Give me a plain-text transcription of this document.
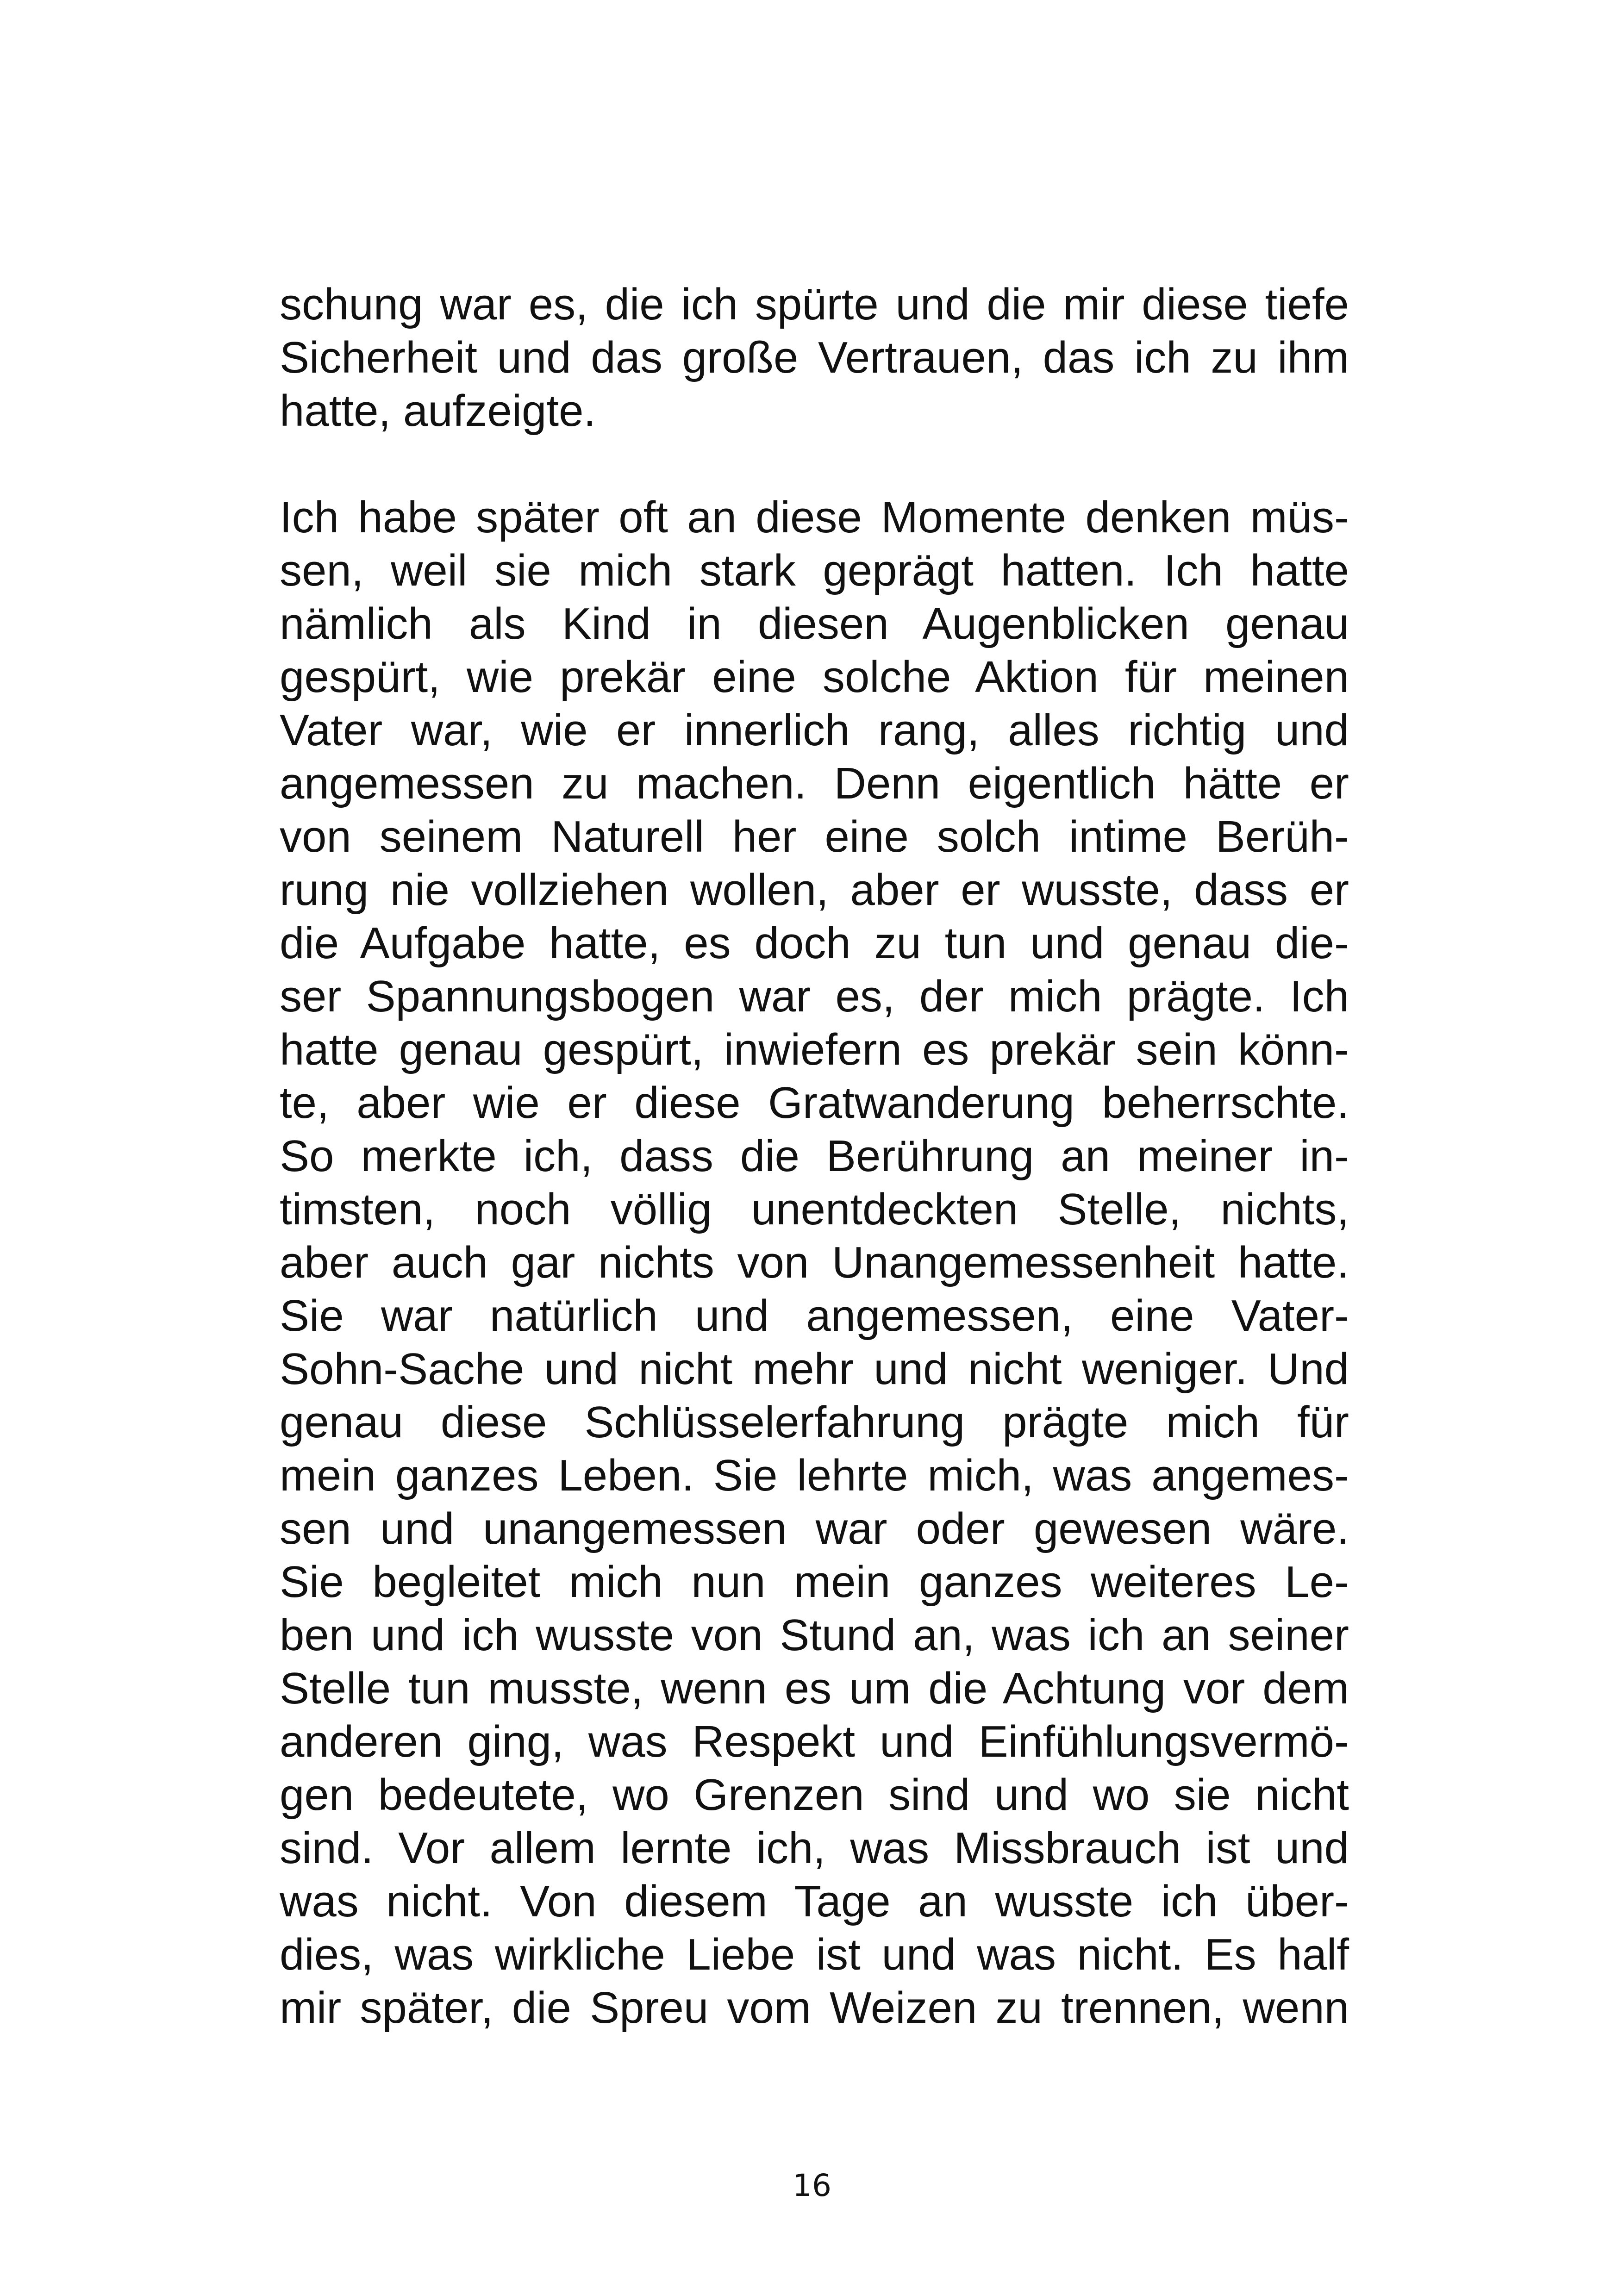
schung war es, die ich spürte und die mir diese tiefe
Sicherheit und das große Vertrauen, das ich zu ihm
hatte, aufzeigte.
Ich habe später oft an diese Momente denken müs-
sen, weil sie mich stark geprägt hatten. Ich hatte
nämlich als Kind in diesen Augenblicken genau
gespürt, wie prekär eine solche Aktion für meinen
Vater war, wie er innerlich rang, alles richtig und
angemessen zu machen. Denn eigentlich hätte er
von seinem Naturell her eine solch intime Berüh-
rung nie vollziehen wollen, aber er wusste, dass er
die Aufgabe hatte, es doch zu tun und genau die-
ser Spannungsbogen war es, der mich prägte. Ich
hatte genau gespürt, inwiefern es prekär sein könn-
te, aber wie er diese Gratwanderung beherrschte.
So merkte ich, dass die Berührung an meiner in-
timsten, noch völlig unentdeckten Stelle, nichts,
aber auch gar nichts von Unangemessenheit hatte.
Sie war natürlich und angemessen, eine Vater-
Sohn-Sache und nicht mehr und nicht weniger. Und
genau diese Schlüsselerfahrung prägte mich für
mein ganzes Leben. Sie lehrte mich, was angemes-
sen und unangemessen war oder gewesen wäre.
Sie begleitet mich nun mein ganzes weiteres Le-
ben und ich wusste von Stund an, was ich an seiner
Stelle tun musste, wenn es um die Achtung vor dem
anderen ging, was Respekt und Einfühlungsvermö-
gen bedeutete, wo Grenzen sind und wo sie nicht
sind. Vor allem lernte ich, was Missbrauch ist und
was nicht. Von diesem Tage an wusste ich über-
dies, was wirkliche Liebe ist und was nicht. Es half
mir später, die Spreu vom Weizen zu trennen, wenn
16
